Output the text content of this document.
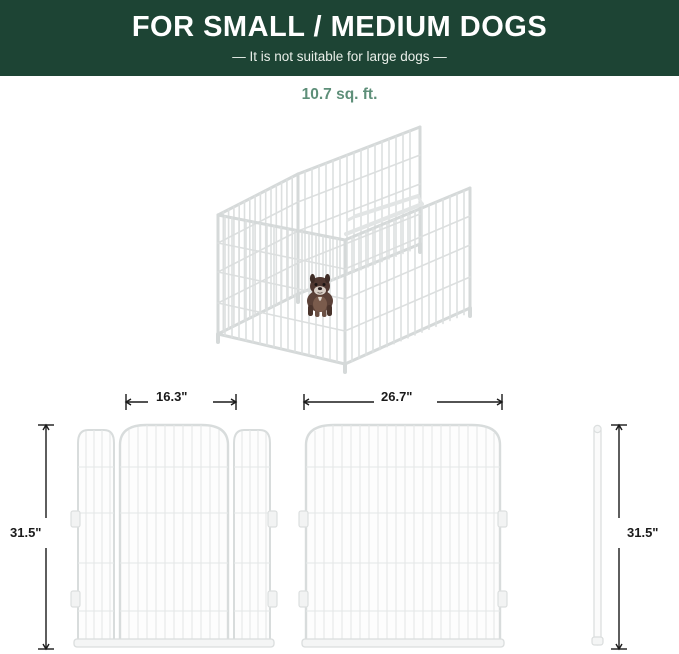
FOR SMALL / MEDIUM DOGS
— It is not suitable for large dogs —
10.7 sq. ft.
16.3"	26.7"
31.5"	31.5"
